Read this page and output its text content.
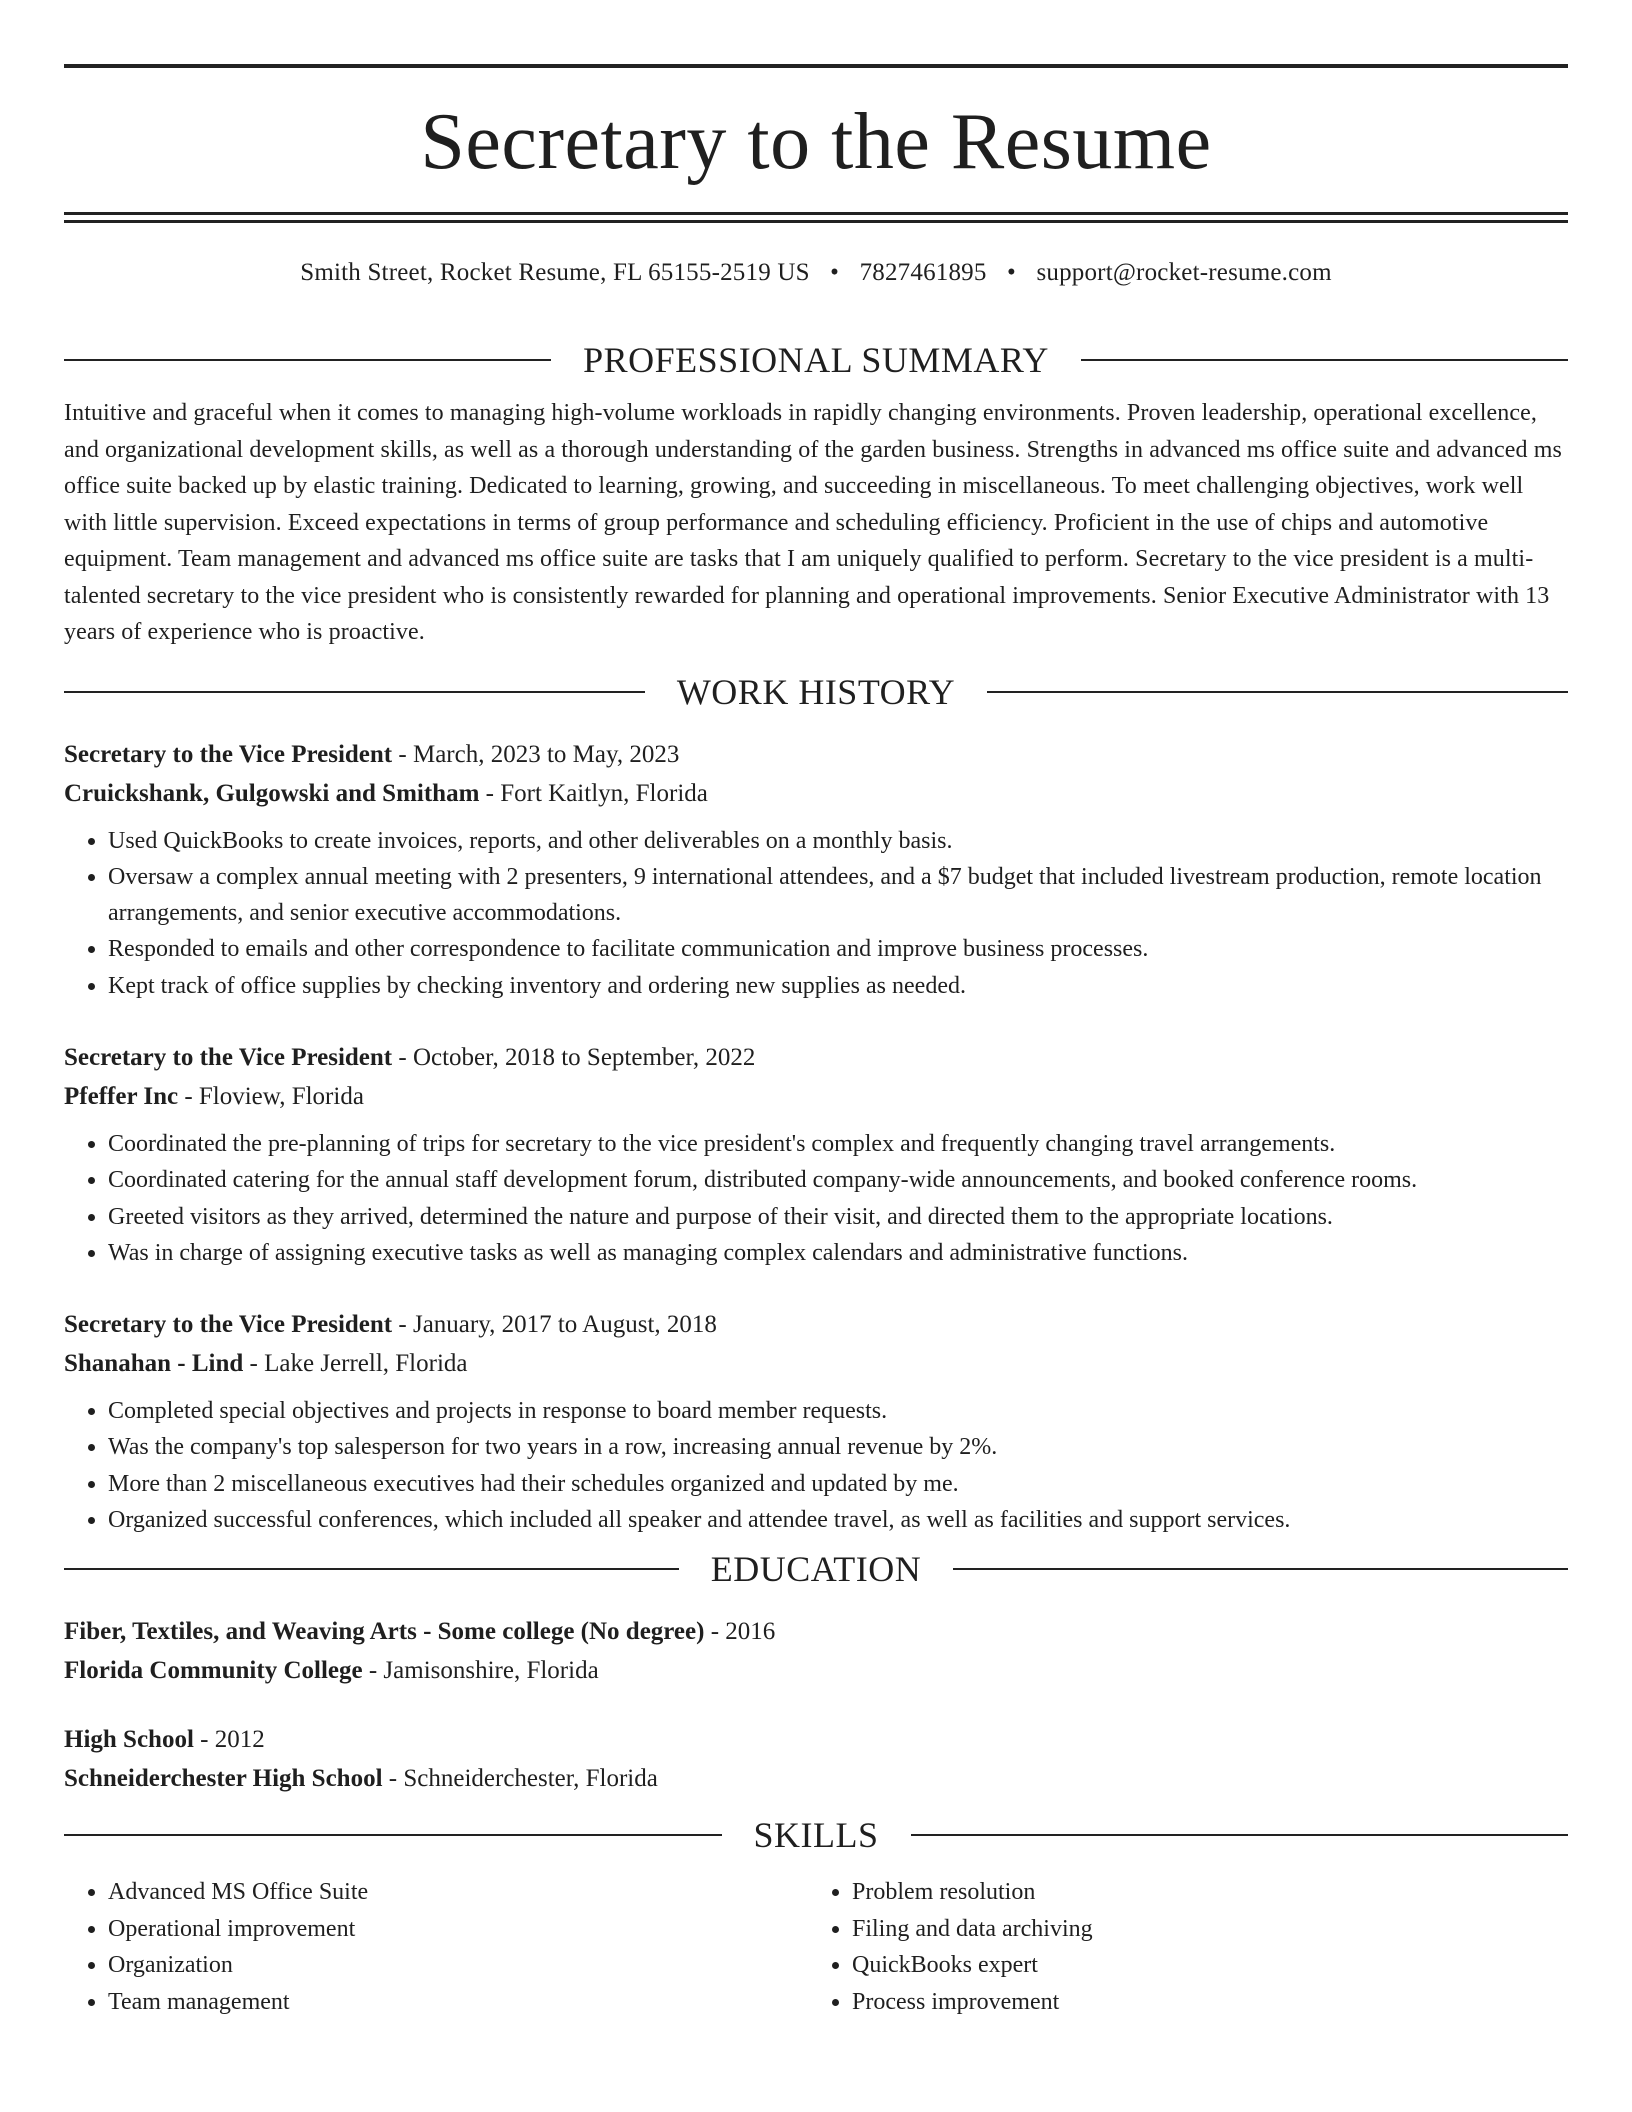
Secretary to the Resume
Smith Street, Rocket Resume, FL 65155-2519 US • 7827461895 • support@rocket-resume.com
PROFESSIONAL SUMMARY

Intuitive and graceful when it comes to managing high-volume workloads in rapidly changing environments. Proven leadership, operational excellence, and organizational development skills, as well as a thorough understanding of the garden business. Strengths in advanced ms office suite and advanced ms office suite backed up by elastic training. Dedicated to learning, growing, and succeeding in miscellaneous. To meet challenging objectives, work well with little supervision. Exceed expectations in terms of group performance and scheduling efficiency. Proficient in the use of chips and automotive equipment. Team management and advanced ms office suite are tasks that I am uniquely qualified to perform. Secretary to the vice president is a multi-talented secretary to the vice president who is consistently rewarded for planning and operational improvements. Senior Executive Administrator with 13 years of experience who is proactive.

WORK HISTORY
Secretary to the Vice President - March, 2023 to May, 2023
Cruickshank, Gulgowski and Smitham - Fort Kaitlyn, Florida
• Used QuickBooks to create invoices, reports, and other deliverables on a monthly basis.
• Oversaw a complex annual meeting with 2 presenters, 9 international attendees, and a $7 budget that included livestream production, remote location arrangements, and senior executive accommodations.
• Responded to emails and other correspondence to facilitate communication and improve business processes.
• Kept track of office supplies by checking inventory and ordering new supplies as needed.
Secretary to the Vice President - October, 2018 to September, 2022
Pfeffer Inc - Floview, Florida
• Coordinated the pre-planning of trips for secretary to the vice president's complex and frequently changing travel arrangements.
• Coordinated catering for the annual staff development forum, distributed company-wide announcements, and booked conference rooms.
• Greeted visitors as they arrived, determined the nature and purpose of their visit, and directed them to the appropriate locations.
• Was in charge of assigning executive tasks as well as managing complex calendars and administrative functions.
Secretary to the Vice President - January, 2017 to August, 2018
Shanahan - Lind - Lake Jerrell, Florida
• Completed special objectives and projects in response to board member requests.
• Was the company's top salesperson for two years in a row, increasing annual revenue by 2%.
• More than 2 miscellaneous executives had their schedules organized and updated by me.
• Organized successful conferences, which included all speaker and attendee travel, as well as facilities and support services.
EDUCATION
Fiber, Textiles, and Weaving Arts - Some college (No degree) - 2016
Florida Community College - Jamisonshire, Florida
High School - 2012
Schneiderchester High School - Schneiderchester, Florida
SKILLS
• Advanced MS Office Suite
• Operational improvement
• Organization
• Team management
• Problem resolution
• Filing and data archiving
• QuickBooks expert
• Process improvement
